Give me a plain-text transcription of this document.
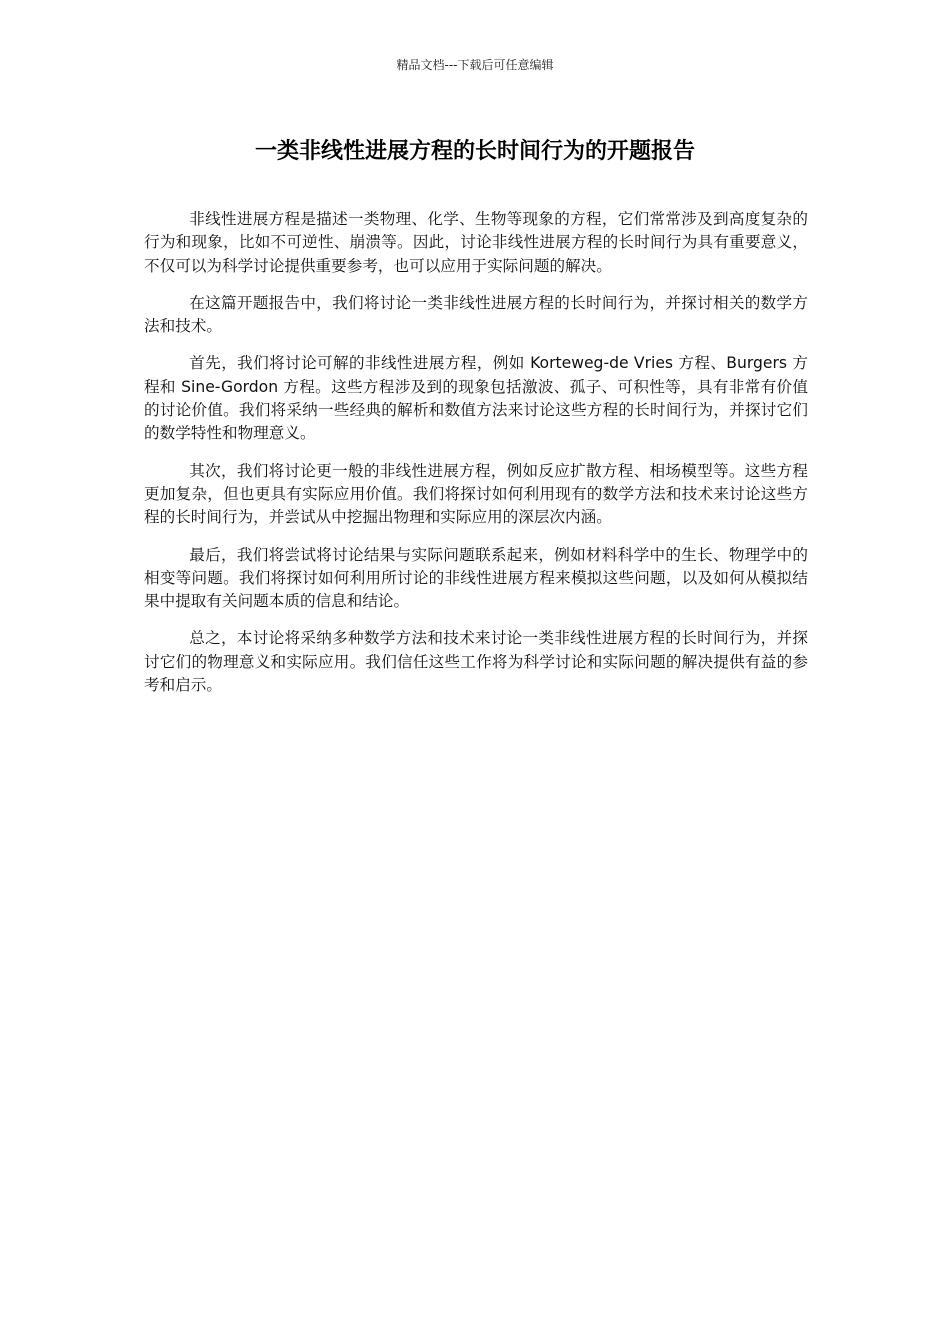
精品文档---下载后可任意编辑
一类非线性进展方程的长时间行为的开题报告

非线性进展方程是描述一类物理、化学、生物等现象的方程，它们常常涉及到高度复杂的行为和现象，比如不可逆性、崩溃等。因此，讨论非线性进展方程的长时间行为具有重要意义，不仅可以为科学讨论提供重要参考，也可以应用于实际问题的解决。

在这篇开题报告中，我们将讨论一类非线性进展方程的长时间行为，并探讨相关的数学方法和技术。

首先，我们将讨论可解的非线性进展方程，例如 Korteweg-de Vries 方程、Burgers 方程和 Sine-Gordon 方程。这些方程涉及到的现象包括激波、孤子、可积性等，具有非常有价值的讨论价值。我们将采纳一些经典的解析和数值方法来讨论这些方程的长时间行为，并探讨它们的数学特性和物理意义。

其次，我们将讨论更一般的非线性进展方程，例如反应扩散方程、相场模型等。这些方程更加复杂，但也更具有实际应用价值。我们将探讨如何利用现有的数学方法和技术来讨论这些方程的长时间行为，并尝试从中挖掘出物理和实际应用的深层次内涵。

最后，我们将尝试将讨论结果与实际问题联系起来，例如材料科学中的生长、物理学中的相变等问题。我们将探讨如何利用所讨论的非线性进展方程来模拟这些问题，以及如何从模拟结果中提取有关问题本质的信息和结论。

总之，本讨论将采纳多种数学方法和技术来讨论一类非线性进展方程的长时间行为，并探讨它们的物理意义和实际应用。我们信任这些工作将为科学讨论和实际问题的解决提供有益的参考和启示。
